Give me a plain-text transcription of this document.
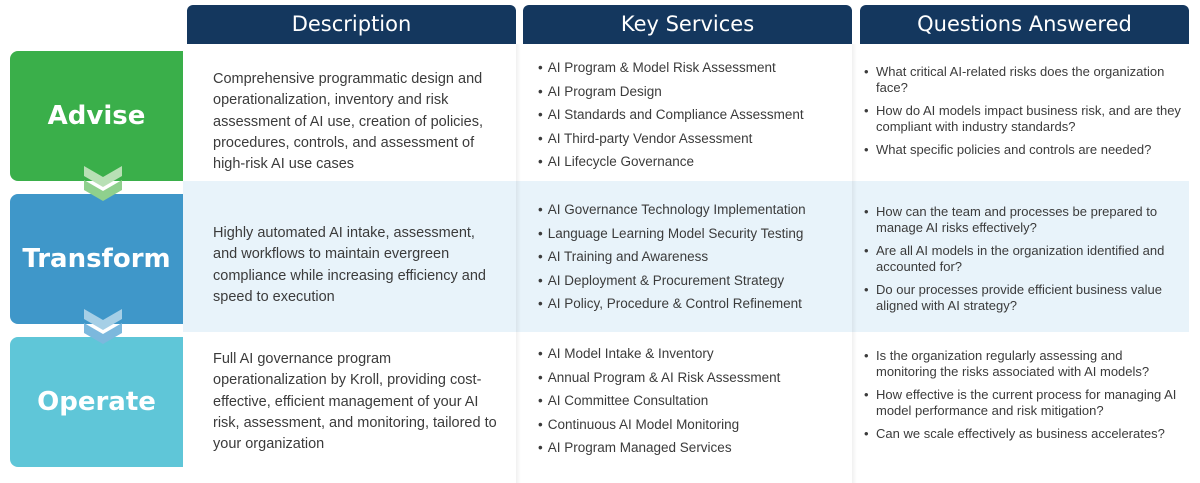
Description	Key Services	Questions Answered
Advise
Transform
Operate
Comprehensive programmatic design and operationalization, inventory and risk assessment of AI use, creation of policies, procedures, controls, and assessment of high-risk AI use cases
• AI Program & Model Risk Assessment
• AI Program Design
• AI Standards and Compliance Assessment
• AI Third-party Vendor Assessment
• AI Lifecycle Governance
• What critical AI-related risks does the organization face?
• How do AI models impact business risk, and are they compliant with industry standards?
• What specific policies and controls are needed?
Highly automated AI intake, assessment, and workflows to maintain evergreen compliance while increasing efficiency and speed to execution
• AI Governance Technology Implementation
• Language Learning Model Security Testing
• AI Training and Awareness
• AI Deployment & Procurement Strategy
• AI Policy, Procedure & Control Refinement
• How can the team and processes be prepared to manage AI risks effectively?
• Are all AI models in the organization identified and accounted for?
• Do our processes provide efficient business value aligned with AI strategy?
Full AI governance program operationalization by Kroll, providing cost-effective, efficient management of your AI risk, assessment, and monitoring, tailored to your organization
• AI Model Intake & Inventory
• Annual Program & AI Risk Assessment
• AI Committee Consultation
• Continuous AI Model Monitoring
• AI Program Managed Services
• Is the organization regularly assessing and monitoring the risks associated with AI models?
• How effective is the current process for managing AI model performance and risk mitigation?
• Can we scale effectively as business accelerates?
